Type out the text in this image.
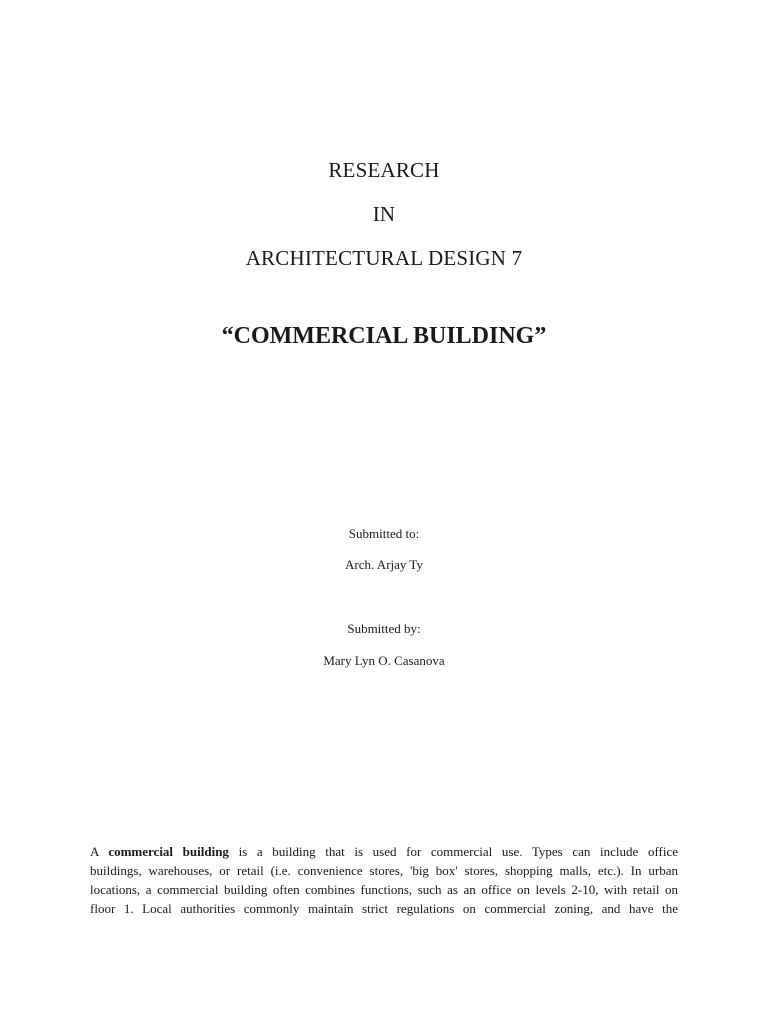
RESEARCH
IN
ARCHITECTURAL DESIGN 7
“COMMERCIAL BUILDING”
Submitted to:
Arch. Arjay Ty
Submitted by:
Mary Lyn O. Casanova
A commercial building is a building that is used for commercial use. Types can include office
buildings, warehouses, or retail (i.e. convenience stores, 'big box' stores, shopping malls, etc.). In urban
locations, a commercial building often combines functions, such as an office on levels 2-10, with retail on
floor 1. Local authorities commonly maintain strict regulations on commercial zoning, and have the
